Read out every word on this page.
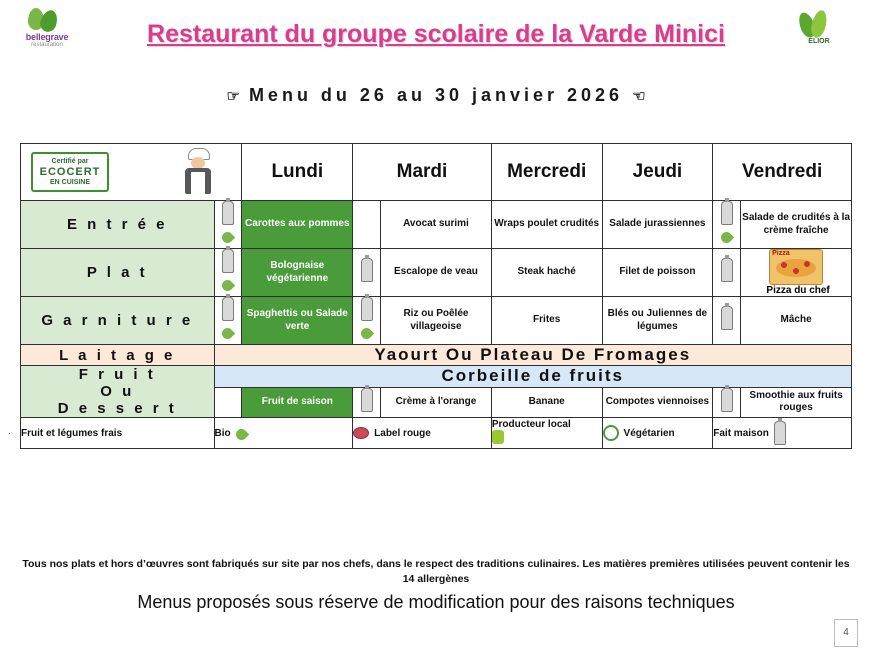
bellegrave
restauration	ELIOR
Restaurant du groupe scolaire de la Varde Minici
☞ Menu du 26 au 30 janvier 2026 ☜
.
Certifié par
ECOCERT
EN CUISINE		Lundi	Mardi		Mercredi	Jeudi	Vendredi	
E n t r é e		Carottes aux pommes		Avocat surimi	Wraps poulet crudités	Salade jurassiennes		Salade de crudités à la crème fraîche
P l a t		Bolognaise végétarienne		Escalope de veau	Steak haché	Filet de poisson		Pizza
Pizza du chef
G a r n i t u r e		Spaghettis ou Salade verte		Riz ou Poêlée villageoise	Frites	Blés ou Juliennes de légumes		Mâche
L a i t a g e	Yaourt Ou Plateau De Fromages							

F r u i t
O u
D e s s e r t	Corbeille de fruits							
		Fruit de saison		Crème à l'orange	Banane	Compotes viennoises		Smoothie aux fruits rouges
Fruit et légumes frais	Bio		Label rouge		Producteur local	Végétarien	Fait maison	
Tous nos plats et hors d’œuvres sont fabriqués sur site par nos chefs, dans le respect des traditions culinaires. Les matières premières utilisées peuvent contenir les 14 allergènes
Menus proposés sous réserve de modification pour des raisons techniques
4
